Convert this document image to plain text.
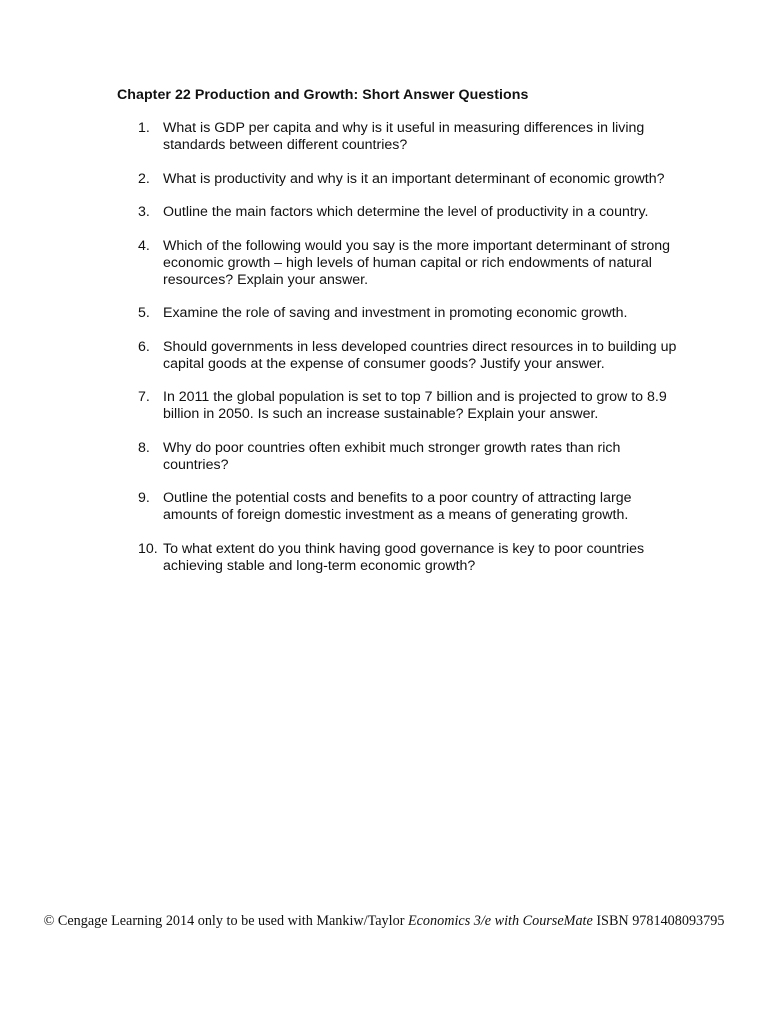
Chapter 22 Production and Growth: Short Answer Questions
1. What is GDP per capita and why is it useful in measuring differences in living standards between different countries?
2. What is productivity and why is it an important determinant of economic growth?
3. Outline the main factors which determine the level of productivity in a country.
4. Which of the following would you say is the more important determinant of strong economic growth – high levels of human capital or rich endowments of natural resources? Explain your answer.
5. Examine the role of saving and investment in promoting economic growth.
6. Should governments in less developed countries direct resources in to building up capital goods at the expense of consumer goods? Justify your answer.
7. In 2011 the global population is set to top 7 billion and is projected to grow to 8.9 billion in 2050. Is such an increase sustainable? Explain your answer.
8. Why do poor countries often exhibit much stronger growth rates than rich countries?
9. Outline the potential costs and benefits to a poor country of attracting large amounts of foreign domestic investment as a means of generating growth.
10. To what extent do you think having good governance is key to poor countries achieving stable and long-term economic growth?
© Cengage Learning 2014 only to be used with Mankiw/Taylor Economics 3/e with CourseMate ISBN 9781408093795
